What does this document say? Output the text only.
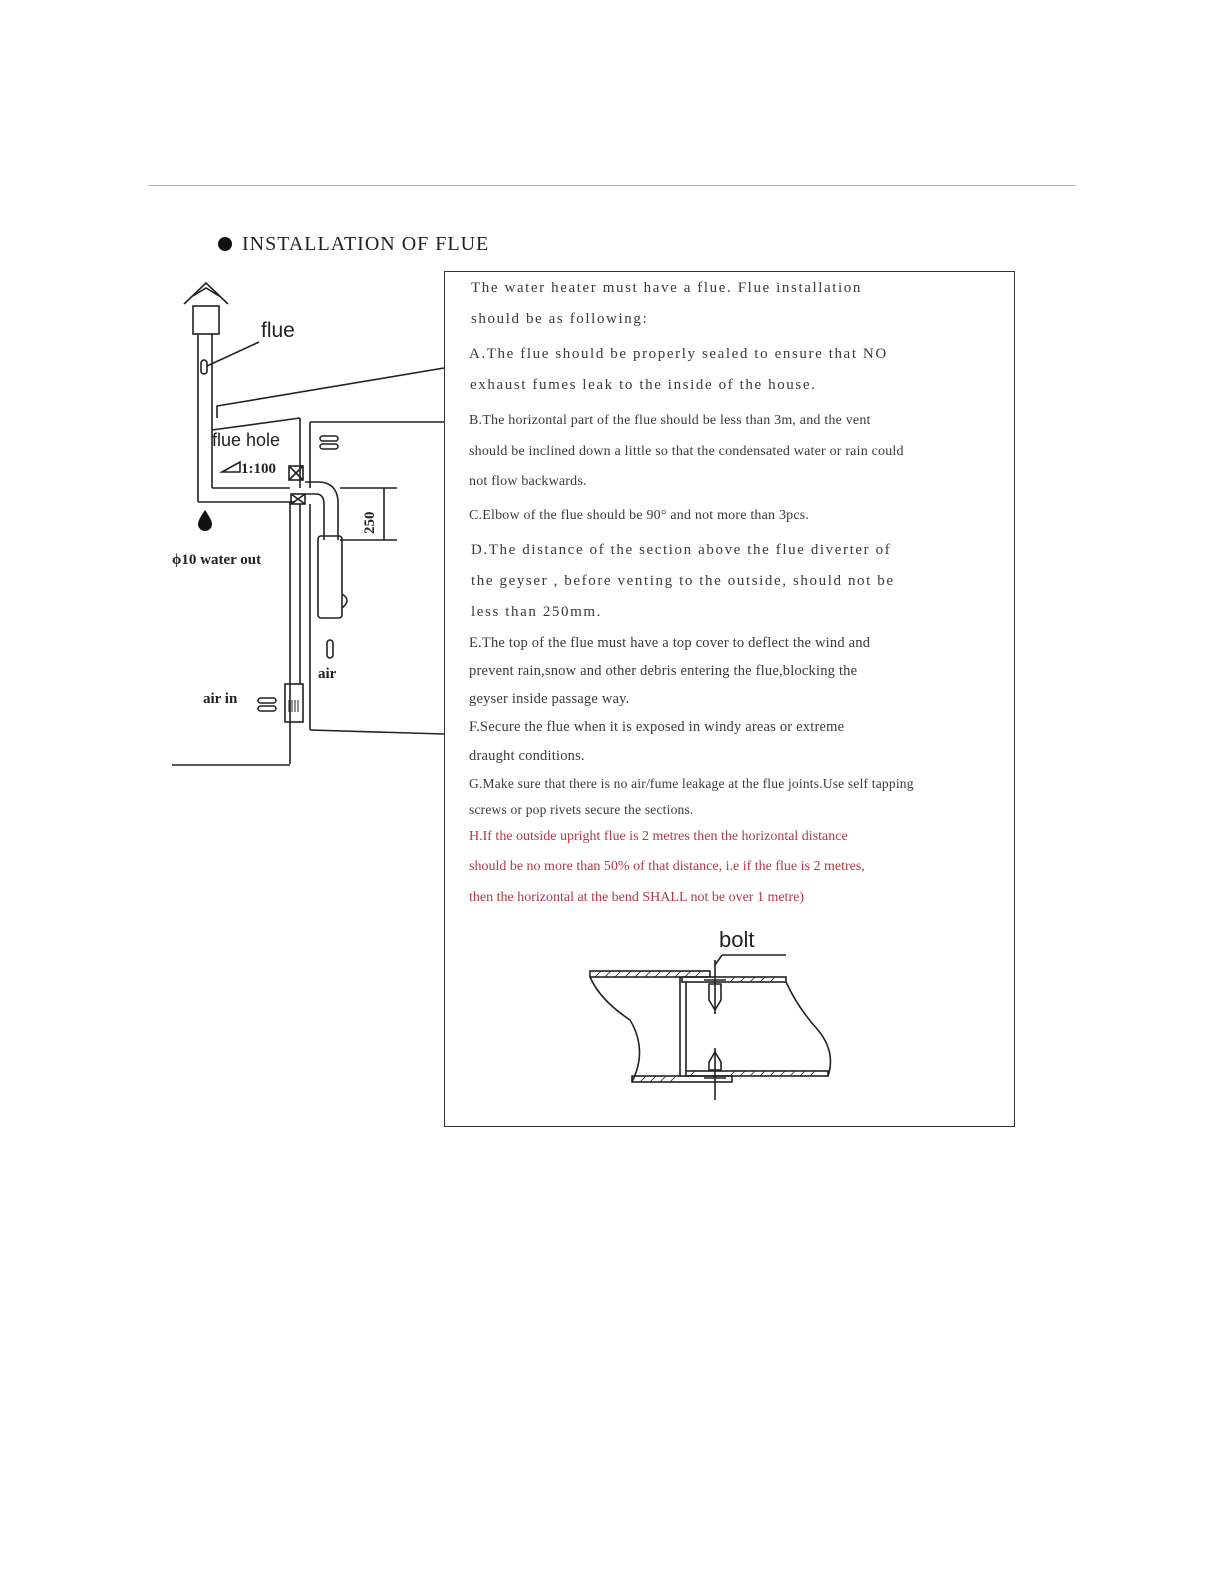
INSTALLATION OF FLUE
flue
flue hole
1:100
250
ϕ10 water out
air
air in
The water heater must have a flue. Flue installation
should be as following:
A.The flue should be properly sealed to ensure that NO
exhaust fumes leak to the inside of the house.
B.The horizontal part of the flue should be less than 3m, and the vent
should be inclined down a little so that the condensated water or rain could
not flow backwards.
C.Elbow of the flue should be 90° and not more than 3pcs.
D.The distance of the section above the flue diverter of
the geyser , before venting to the outside, should not be
less than 250mm.
E.The top of the flue must have a top cover to deflect the wind and
prevent rain,snow and other debris entering the flue,blocking the
geyser inside passage way.
F.Secure the flue when it is exposed in windy areas or extreme
draught conditions.
G.Make sure that there is no air/fume leakage at the flue joints.Use self tapping
screws or pop rivets secure the sections.
H.If the outside upright flue is 2 metres then the horizontal distance
should be no more than 50% of that distance, i.e if the flue is 2 metres,
then the horizontal at the bend SHALL not be over 1 metre)
bolt
